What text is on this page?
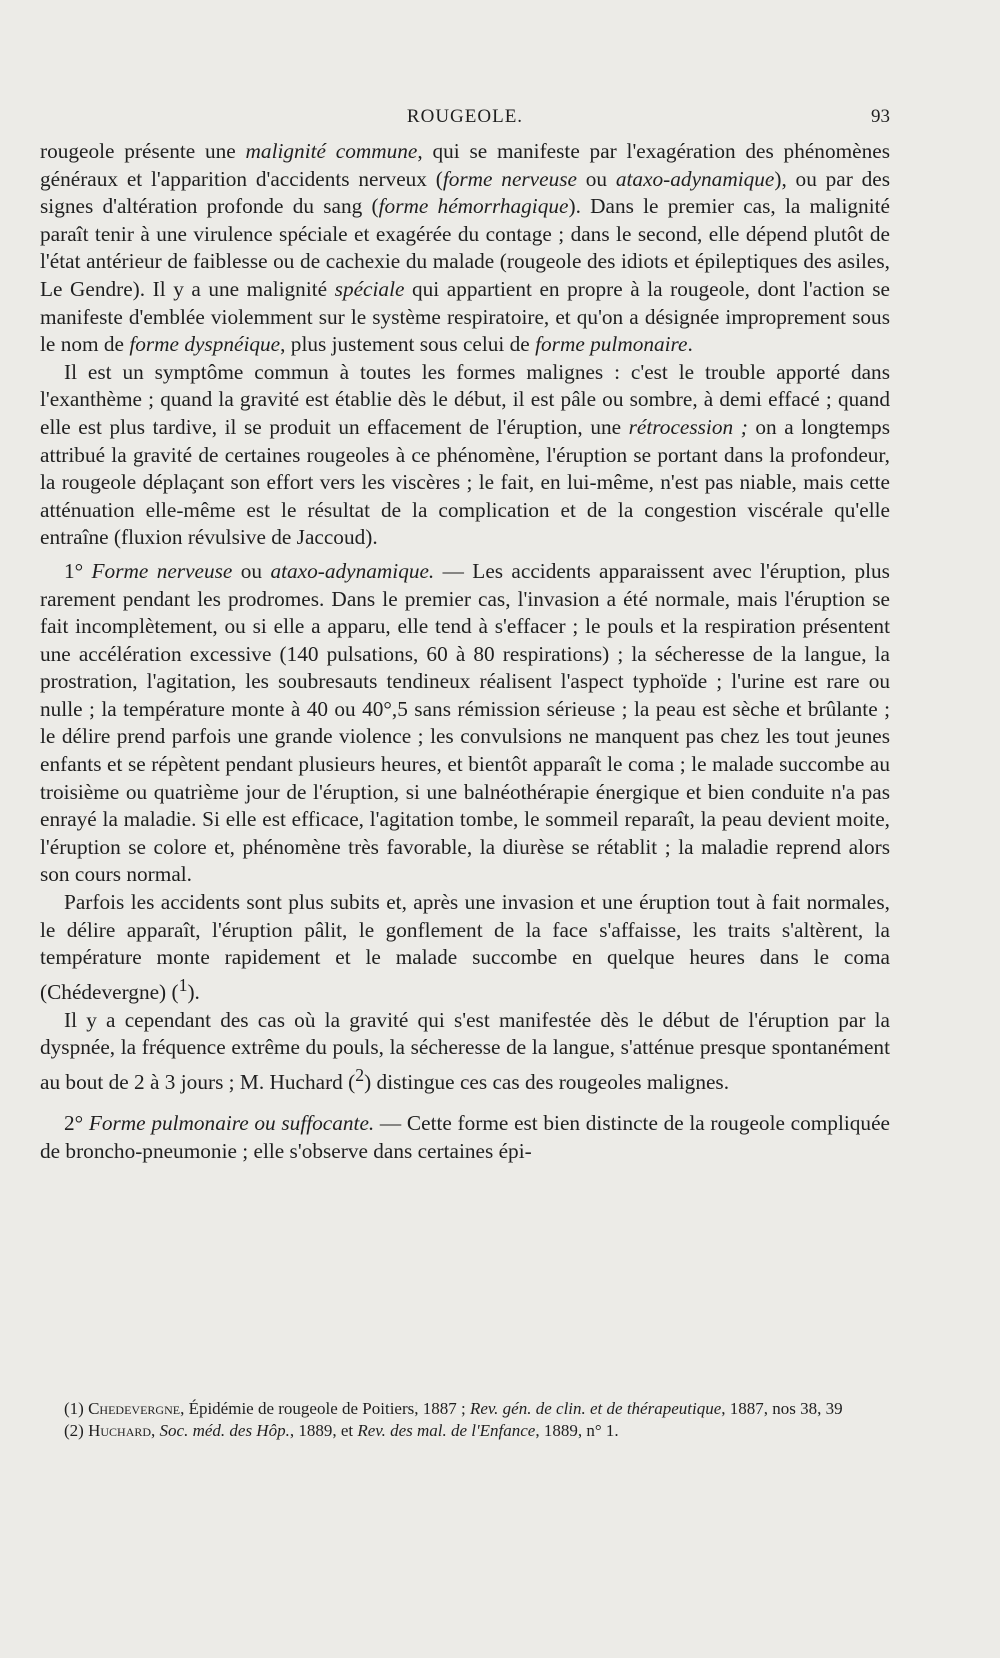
ROUGEOLE.	93

rougeole présente une malignité commune, qui se manifeste par l'exagération des phénomènes généraux et l'apparition d'accidents nerveux (forme nerveuse ou ataxo-adynamique), ou par des signes d'altération profonde du sang (forme hémorrhagique). Dans le premier cas, la malignité paraît tenir à une virulence spéciale et exagérée du contage ; dans le second, elle dépend plutôt de l'état antérieur de faiblesse ou de cachexie du malade (rougeole des idiots et épileptiques des asiles, Le Gendre). Il y a une malignité spéciale qui appartient en propre à la rougeole, dont l'action se manifeste d'emblée violemment sur le système respiratoire, et qu'on a désignée improprement sous le nom de forme dyspnéique, plus justement sous celui de forme pulmonaire.

Il est un symptôme commun à toutes les formes malignes : c'est le trouble apporté dans l'exanthème ; quand la gravité est établie dès le début, il est pâle ou sombre, à demi effacé ; quand elle est plus tardive, il se produit un effacement de l'éruption, une rétrocession ; on a longtemps attribué la gravité de certaines rougeoles à ce phénomène, l'éruption se portant dans la profondeur, la rougeole déplaçant son effort vers les viscères ; le fait, en lui-même, n'est pas niable, mais cette atténuation elle-même est le résultat de la complication et de la congestion viscérale qu'elle entraîne (fluxion révulsive de Jaccoud).

1° Forme nerveuse ou ataxo-adynamique. — Les accidents apparaissent avec l'éruption, plus rarement pendant les prodromes. Dans le premier cas, l'invasion a été normale, mais l'éruption se fait incomplètement, ou si elle a apparu, elle tend à s'effacer ; le pouls et la respiration présentent une accélération excessive (140 pulsations, 60 à 80 respirations) ; la sécheresse de la langue, la prostration, l'agitation, les soubresauts tendineux réalisent l'aspect typhoïde ; l'urine est rare ou nulle ; la température monte à 40 ou 40°,5 sans rémission sérieuse ; la peau est sèche et brûlante ; le délire prend parfois une grande violence ; les convulsions ne manquent pas chez les tout jeunes enfants et se répètent pendant plusieurs heures, et bientôt apparaît le coma ; le malade succombe au troisième ou quatrième jour de l'éruption, si une balnéothérapie énergique et bien conduite n'a pas enrayé la maladie. Si elle est efficace, l'agitation tombe, le sommeil reparaît, la peau devient moite, l'éruption se colore et, phénomène très favorable, la diurèse se rétablit ; la maladie reprend alors son cours normal.

Parfois les accidents sont plus subits et, après une invasion et une éruption tout à fait normales, le délire apparaît, l'éruption pâlit, le gonflement de la face s'affaisse, les traits s'altèrent, la température monte rapidement et le malade succombe en quelque heures dans le coma (Chédevergne) ($^1$).

Il y a cependant des cas où la gravité qui s'est manifestée dès le début de l'éruption par la dyspnée, la fréquence extrême du pouls, la sécheresse de la langue, s'atténue presque spontanément au bout de 2 à 3 jours ; M. Huchard ($^2$) distingue ces cas des rougeoles malignes.

2° Forme pulmonaire ou suffocante. — Cette forme est bien distincte de la rougeole compliquée de broncho-pneumonie ; elle s'observe dans certaines épi-

(1) Chedevergne, Épidémie de rougeole de Poitiers, 1887 ; Rev. gén. de clin. et de thérapeutique, 1887, nos 38, 39

(2) Huchard, Soc. méd. des Hôp., 1889, et Rev. des mal. de l'Enfance, 1889, n° 1.
